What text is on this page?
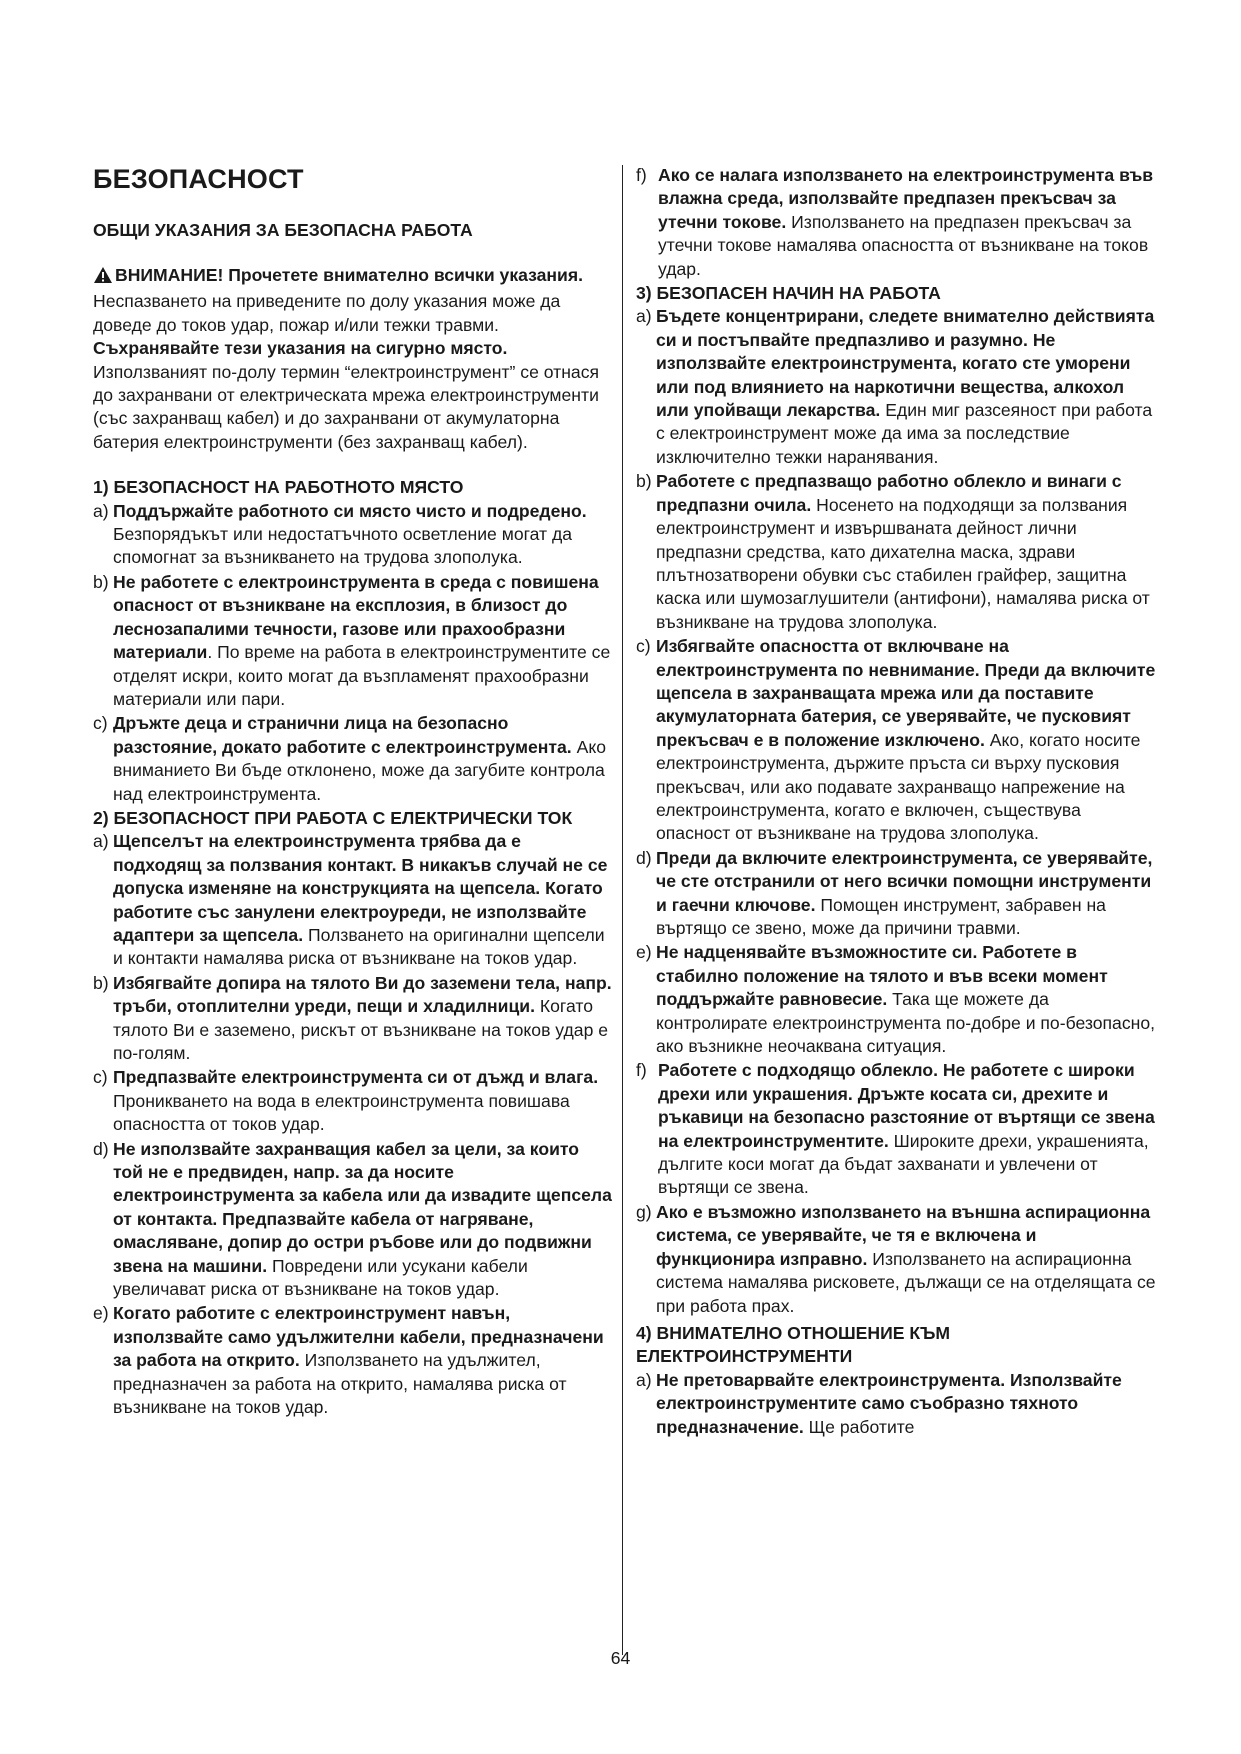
БЕЗОПАСНОСТ
ОБЩИ УКАЗАНИЯ ЗА БЕЗОПАСНА РАБОТА
ВНИМАНИЕ! Прочетете внимателно всички указания. Неспазването на приведените по долу указания може да доведе до токов удар, пожар и/или тежки травми. Съхранявайте тези указания на сигурно място. Използваният по-долу термин “електроинструмент” се отнася до захранвани от електрическата мрежа електроинструменти (със захранващ кабел) и до захранвани от акумулаторна батерия електроинструменти (без захранващ кабел).
1) БЕЗОПАСНОСТ НА РАБОТНОТО МЯСТО
a) Поддържайте работното си място чисто и подредено. Безпорядъкът или недостатъчното осветление могат да спомогнат за възникването на трудова злополука.
b) Не работете с електроинструмента в среда с повишена опасност от възникване на експлозия, в близост до леснозапалими течности, газове или прахообразни материали. По време на работа в електроинструментите се отделят искри, които могат да възпламенят прахообразни материали или пари.
c) Дръжте деца и странични лица на безопасно разстояние, докато работите с електроинструмента. Ако вниманието Ви бъде отклонено, може да загубите контрола над електроинструмента.
2) БЕЗОПАСНОСТ ПРИ РАБОТА С ЕЛЕКТРИЧЕСКИ ТОК
a) Щепселът на електроинструмента трябва да е подходящ за ползвания контакт. В никакъв случай не се допуска изменяне на конструкцията на щепсела. Когато работите със занулени електроуреди, не използвайте адаптери за щепсела. Ползването на оригинални щепсели и контакти намалява риска от възникване на токов удар.
b) Избягвайте допира на тялото Ви до заземени тела, напр. тръби, отоплителни уреди, пещи и хладилници. Когато тялото Ви е заземено, рискът от възникване на токов удар е по-голям.
c) Предпазвайте електроинструмента си от дъжд и влага. Проникването на вода в електроинструмента повишава опасността от токов удар.
d) Не използвайте захранващия кабел за цели, за които той не е предвиден, напр. за да носите електроинструмента за кабела или да извадите щепсела от контакта. Предпазвайте кабела от нагряване, омасляване, допир до остри ръбове или до подвижни звена на машини. Повредени или усукани кабели увеличават риска от възникване на токов удар.
e) Когато работите с електроинструмент навън, използвайте само удължителни кабели, предназначени за работа на открито. Използването на удължител, предназначен за работа на открито, намалява риска от възникване на токов удар.
f) Ако се налага използването на електроинструмента във влажна среда, използвайте предпазен прекъсвач за утечни токове. Използването на предпазен прекъсвач за утечни токове намалява опасността от възникване на токов удар.
3) БЕЗОПАСЕН НАЧИН НА РАБОТА
a) Бъдете концентрирани, следете внимателно действията си и постъпвайте предпазливо и разумно. Не използвайте електроинструмента, когато сте уморени или под влиянието на наркотични вещества, алкохол или упойващи лекарства. Един миг разсеяност при работа с електроинструмент може да има за последствие изключително тежки наранявания.
b) Работете с предпазващо работно облекло и винаги с предпазни очила. Носенето на подходящи за ползвания електроинструмент и извършваната дейност лични предпазни средства, като дихателна маска, здрави плътнозатворени обувки със стабилен грайфер, защитна каска или шумозаглушители (антифони), намалява риска от възникване на трудова злополука.
c) Избягвайте опасността от включване на електроинструмента по невнимание. Преди да включите щепсела в захранващата мрежа или да поставите акумулаторната батерия, се уверявайте, че пусковият прекъсвач е в положение изключено. Ако, когато носите електроинструмента, държите пръста си върху пусковия прекъсвач, или ако подавате захранващо напрежение на електроинструмента, когато е включен, съществува опасност от възникване на трудова злополука.
d) Преди да включите електроинструмента, се уверявайте, че сте отстранили от него всички помощни инструменти и гаечни ключове. Помощен инструмент, забравен на въртящо се звено, може да причини травми.
e) Не надценявайте възможностите си. Работете в стабилно положение на тялото и във всеки момент поддържайте равновесие. Така ще можете да контролирате електроинструмента по-добре и по-безопасно, ако възникне неочаквана ситуация.
f) Работете с подходящо облекло. Не работете с широки дрехи или украшения. Дръжте косата си, дрехите и ръкавици на безопасно разстояние от въртящи се звена на електроинструментите. Широките дрехи, украшенията, дългите коси могат да бъдат захванати и увлечени от въртящи се звена.
g) Ако е възможно използването на външна аспирационна система, се уверявайте, че тя е включена и функционира изправно. Използването на аспирационна система намалява рисковете, дължащи се на отделящата се при работа прах.
4) ВНИМАТЕЛНО ОТНОШЕНИЕ КЪМ ЕЛЕКТРОИНСТРУМЕНТИ
a) Не претоварвайте електроинструмента. Използвайте електроинструментите само съобразно тяхното предназначение. Ще работите
64
